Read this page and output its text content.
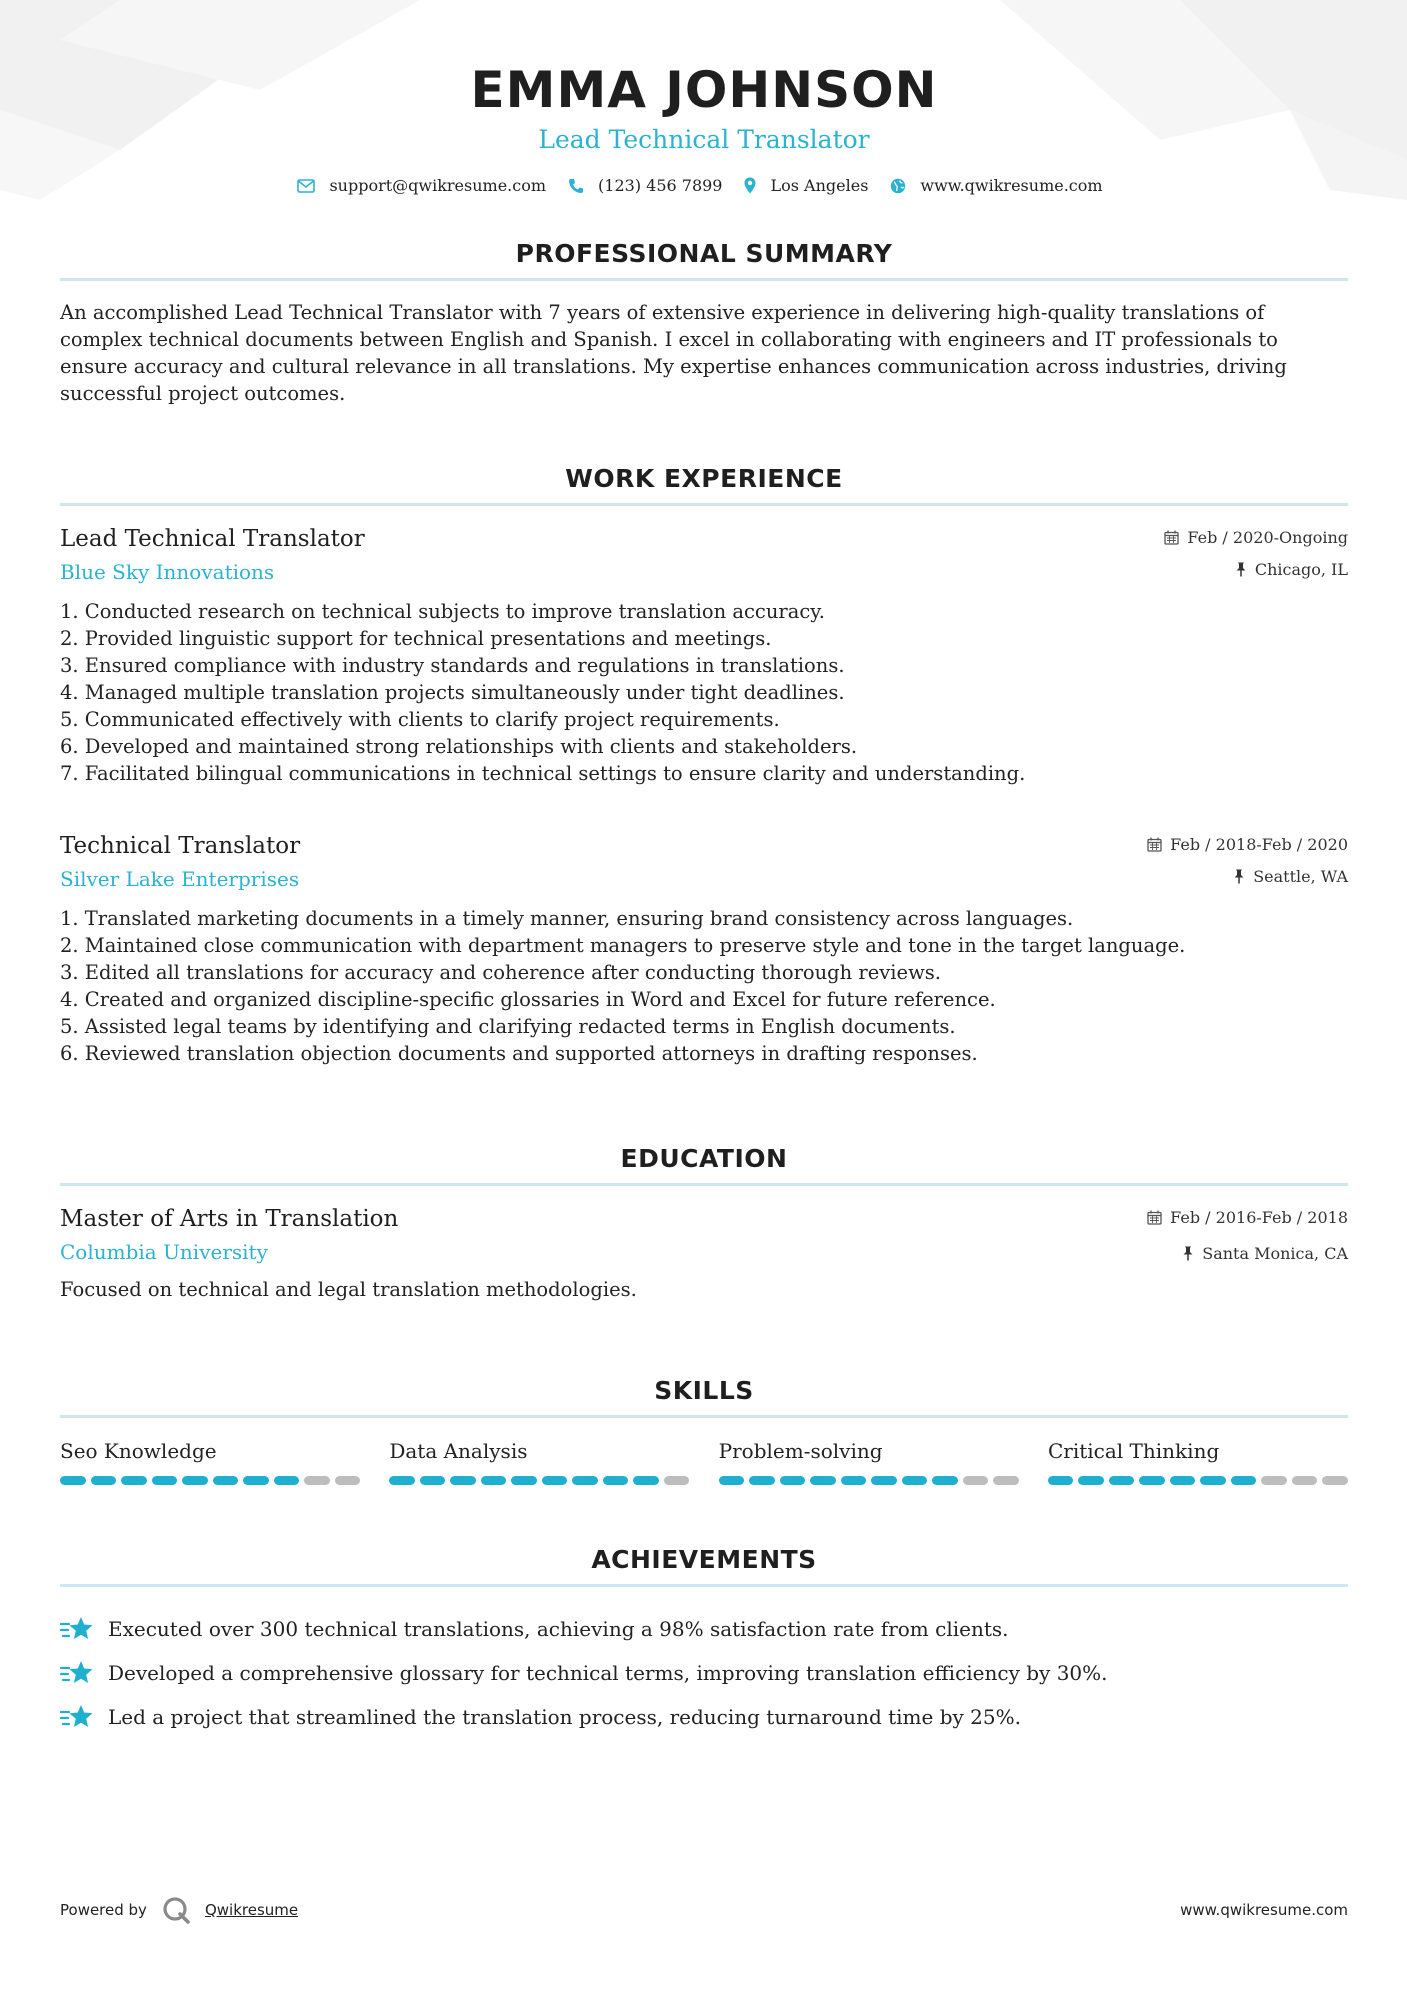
EMMA JOHNSON
Lead Technical Translator
support@qwikresume.com	(123) 456 7899	Los Angeles	www.qwikresume.com
PROFESSIONAL SUMMARY

An accomplished Lead Technical Translator with 7 years of extensive experience in delivering high-quality translations of complex technical documents between English and Spanish. I excel in collaborating with engineers and IT professionals to ensure accuracy and cultural relevance in all translations. My expertise enhances communication across industries, driving successful project outcomes.

WORK EXPERIENCE
Lead Technical Translator
Blue Sky Innovations
Feb / 2020-Ongoing
Chicago, IL
1. Conducted research on technical subjects to improve translation accuracy.
2. Provided linguistic support for technical presentations and meetings.
3. Ensured compliance with industry standards and regulations in translations.
4. Managed multiple translation projects simultaneously under tight deadlines.
5. Communicated effectively with clients to clarify project requirements.
6. Developed and maintained strong relationships with clients and stakeholders.
7. Facilitated bilingual communications in technical settings to ensure clarity and understanding.
Technical Translator
Silver Lake Enterprises
Feb / 2018-Feb / 2020
Seattle, WA
1. Translated marketing documents in a timely manner, ensuring brand consistency across languages.
2. Maintained close communication with department managers to preserve style and tone in the target language.
3. Edited all translations for accuracy and coherence after conducting thorough reviews.
4. Created and organized discipline-specific glossaries in Word and Excel for future reference.
5. Assisted legal teams by identifying and clarifying redacted terms in English documents.
6. Reviewed translation objection documents and supported attorneys in drafting responses.
EDUCATION
Master of Arts in Translation
Columbia University
Feb / 2016-Feb / 2018
Santa Monica, CA

Focused on technical and legal translation methodologies.

SKILLS
Seo Knowledge	Data Analysis	Problem-solving	Critical Thinking
ACHIEVEMENTS
Executed over 300 technical translations, achieving a 98% satisfaction rate from clients.
Developed a comprehensive glossary for technical terms, improving translation efficiency by 30%.
Led a project that streamlined the translation process, reducing turnaround time by 25%.
Powered by	Qwikresume	www.qwikresume.com
